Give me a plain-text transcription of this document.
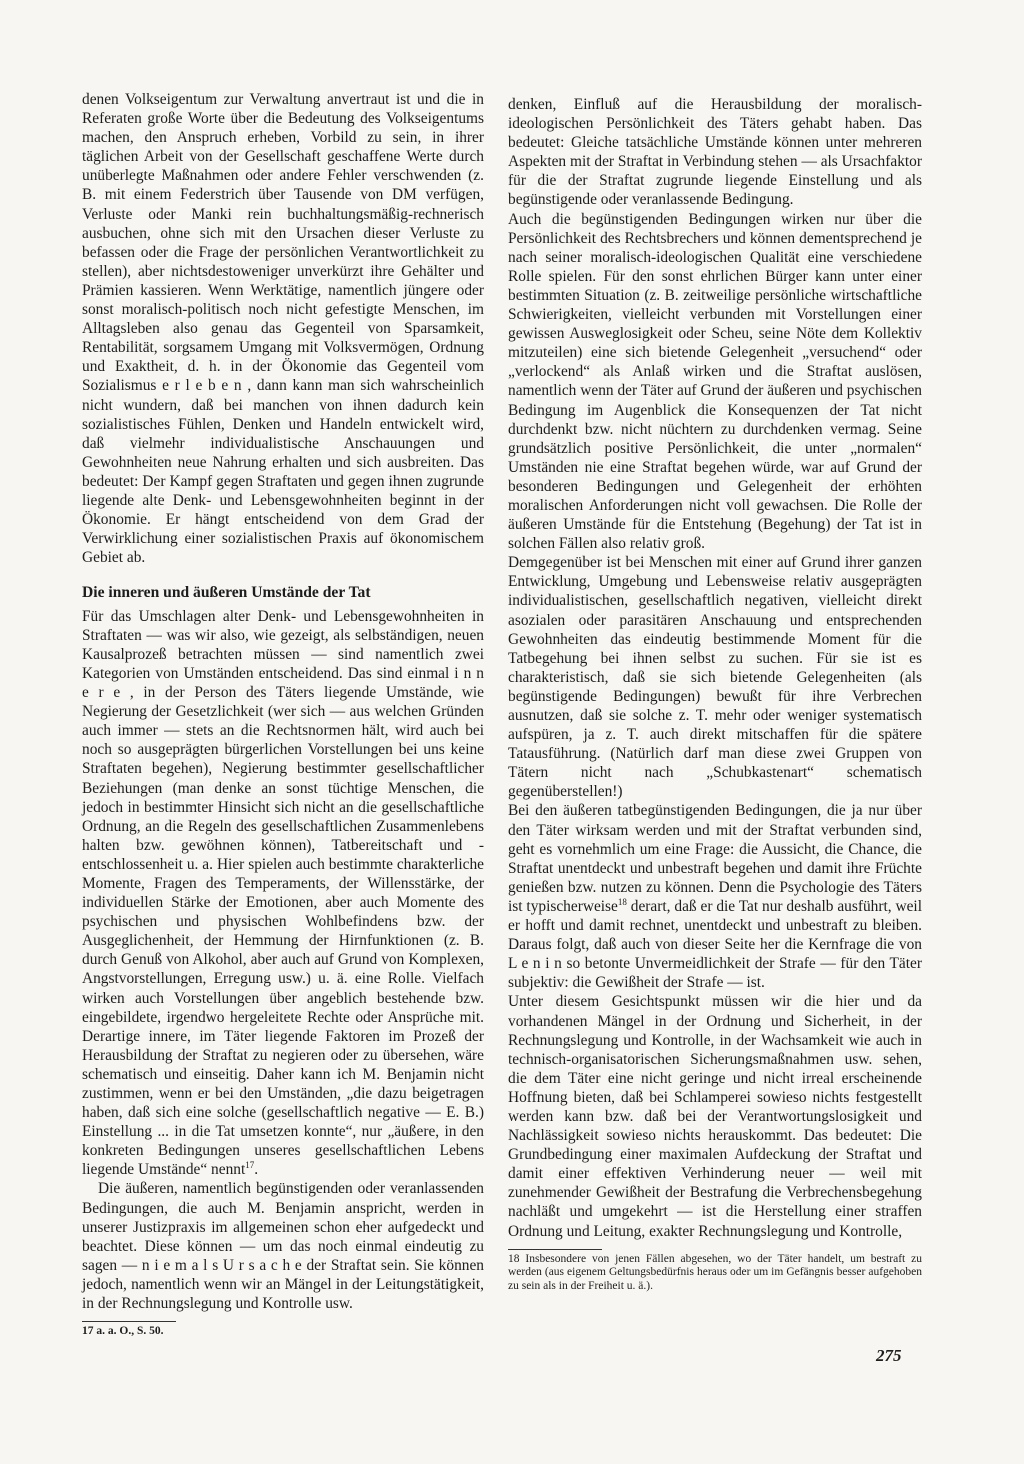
denen Volkseigentum zur Verwaltung anvertraut ist und die in Referaten große Worte über die Bedeutung des Volkseigentums machen, den Anspruch erheben, Vorbild zu sein, in ihrer täglichen Arbeit von der Gesellschaft geschaffene Werte durch unüberlegte Maßnahmen oder andere Fehler verschwenden (z. B. mit einem Federstrich über Tausende von DM verfügen, Verluste oder Manki rein buchhaltungsmäßig-rechnerisch ausbuchen, ohne sich mit den Ursachen dieser Verluste zu befassen oder die Frage der persönlichen Verantwortlichkeit zu stellen), aber nichtsdestoweniger unverkürzt ihre Gehälter und Prämien kassieren. Wenn Werktätige, namentlich jüngere oder sonst moralisch-politisch noch nicht gefestigte Menschen, im Alltagsleben also genau das Gegenteil von Sparsamkeit, Rentabilität, sorgsamem Umgang mit Volksvermögen, Ordnung und Exaktheit, d. h. in der Ökonomie das Gegenteil vom Sozialismus e r l e b e n , dann kann man sich wahrscheinlich nicht wundern, daß bei manchen von ihnen dadurch kein sozialistisches Fühlen, Denken und Handeln entwickelt wird, daß vielmehr individualistische Anschauungen und Gewohnheiten neue Nahrung erhalten und sich ausbreiten. Das bedeutet: Der Kampf gegen Straftaten und gegen ihnen zugrunde liegende alte Denk- und Lebensgewohnheiten beginnt in der Ökonomie. Er hängt entscheidend von dem Grad der Verwirklichung einer sozialistischen Praxis auf ökonomischem Gebiet ab.

Die inneren und äußeren Umstände der Tat

Für das Umschlagen alter Denk- und Lebensgewohnheiten in Straftaten — was wir also, wie gezeigt, als selbständigen, neuen Kausalprozeß betrachten müssen — sind namentlich zwei Kategorien von Umständen entscheidend. Das sind einmal i n n e r e , in der Person des Täters liegende Umstände, wie Negierung der Gesetzlichkeit (wer sich — aus welchen Gründen auch immer — stets an die Rechtsnormen hält, wird auch bei noch so ausgeprägten bürgerlichen Vorstellungen bei uns keine Straftaten begehen), Negierung bestimmter gesellschaftlicher Beziehungen (man denke an sonst tüchtige Menschen, die jedoch in bestimmter Hinsicht sich nicht an die gesellschaftliche Ordnung, an die Regeln des gesellschaftlichen Zusammenlebens halten bzw. gewöhnen können), Tatbereitschaft und -entschlossenheit u. a. Hier spielen auch bestimmte charakterliche Momente, Fragen des Temperaments, der Willensstärke, der individuellen Stärke der Emotionen, aber auch Momente des psychischen und physischen Wohlbefindens bzw. der Ausgeglichenheit, der Hemmung der Hirnfunktionen (z. B. durch Genuß von Alkohol, aber auch auf Grund von Komplexen, Angstvorstellungen, Erregung usw.) u. ä. eine Rolle. Vielfach wirken auch Vorstellungen über angeblich bestehende bzw. eingebildete, irgendwo hergeleitete Rechte oder Ansprüche mit. Derartige innere, im Täter liegende Faktoren im Prozeß der Herausbildung der Straftat zu negieren oder zu übersehen, wäre schematisch und einseitig. Daher kann ich M. Benjamin nicht zustimmen, wenn er bei den Umständen, „die dazu beigetragen haben, daß sich eine solche (gesellschaftlich negative — E. B.) Einstellung ... in die Tat umsetzen konnte“, nur „äußere, in den konkreten Bedingungen unseres gesellschaftlichen Lebens liegende Umstände“ nennt$^{17}$.

Die äußeren, namentlich begünstigenden oder veranlassenden Bedingungen, die auch M. Benjamin anspricht, werden in unserer Justizpraxis im allgemeinen schon eher aufgedeckt und beachtet. Diese können — um das noch einmal eindeutig zu sagen — n i e m a l s U r s a c h e der Straftat sein. Sie können jedoch, namentlich wenn wir an Mängel in der Leitungstätigkeit, in der Rechnungslegung und Kontrolle usw.

17 a. a. O., S. 50.

denken, Einfluß auf die Herausbildung der moralisch-ideologischen Persönlichkeit des Täters gehabt haben. Das bedeutet: Gleiche tatsächliche Umstände können unter mehreren Aspekten mit der Straftat in Verbindung stehen — als Ursachfaktor für die der Straftat zugrunde liegende Einstellung und als begünstigende oder veranlassende Bedingung.

Auch die begünstigenden Bedingungen wirken nur über die Persönlichkeit des Rechtsbrechers und können dementsprechend je nach seiner moralisch-ideologischen Qualität eine verschiedene Rolle spielen. Für den sonst ehrlichen Bürger kann unter einer bestimmten Situation (z. B. zeitweilige persönliche wirtschaftliche Schwierigkeiten, vielleicht verbunden mit Vorstellungen einer gewissen Ausweglosigkeit oder Scheu, seine Nöte dem Kollektiv mitzuteilen) eine sich bietende Gelegenheit „versuchend“ oder „verlockend“ als Anlaß wirken und die Straftat auslösen, namentlich wenn der Täter auf Grund der äußeren und psychischen Bedingung im Augenblick die Konsequenzen der Tat nicht durchdenkt bzw. nicht nüchtern zu durchdenken vermag. Seine grundsätzlich positive Persönlichkeit, die unter „normalen“ Umständen nie eine Straftat begehen würde, war auf Grund der besonderen Bedingungen und Gelegenheit der erhöhten moralischen Anforderungen nicht voll gewachsen. Die Rolle der äußeren Umstände für die Entstehung (Begehung) der Tat ist in solchen Fällen also relativ groß.

Demgegenüber ist bei Menschen mit einer auf Grund ihrer ganzen Entwicklung, Umgebung und Lebensweise relativ ausgeprägten individualistischen, gesellschaftlich negativen, vielleicht direkt asozialen oder parasitären Anschauung und entsprechenden Gewohnheiten das eindeutig bestimmende Moment für die Tatbegehung bei ihnen selbst zu suchen. Für sie ist es charakteristisch, daß sie sich bietende Gelegenheiten (als begünstigende Bedingungen) bewußt für ihre Verbrechen ausnutzen, daß sie solche z. T. mehr oder weniger systematisch aufspüren, ja z. T. auch direkt mitschaffen für die spätere Tatausführung. (Natürlich darf man diese zwei Gruppen von Tätern nicht nach „Schubkastenart“ schematisch gegenüberstellen!)

Bei den äußeren tatbegünstigenden Bedingungen, die ja nur über den Täter wirksam werden und mit der Straftat verbunden sind, geht es vornehmlich um eine Frage: die Aussicht, die Chance, die Straftat unentdeckt und unbestraft begehen und damit ihre Früchte genießen bzw. nutzen zu können. Denn die Psychologie des Täters ist typischerweise$^{18}$ derart, daß er die Tat nur deshalb ausführt, weil er hofft und damit rechnet, unentdeckt und unbestraft zu bleiben. Daraus folgt, daß auch von dieser Seite her die Kernfrage die von L e n i n so betonte Unvermeidlichkeit der Strafe — für den Täter subjektiv: die Gewißheit der Strafe — ist.

Unter diesem Gesichtspunkt müssen wir die hier und da vorhandenen Mängel in der Ordnung und Sicherheit, in der Rechnungslegung und Kontrolle, in der Wachsamkeit wie auch in technisch-organisatorischen Sicherungsmaßnahmen usw. sehen, die dem Täter eine nicht geringe und nicht irreal erscheinende Hoffnung bieten, daß bei Schlamperei sowieso nichts festgestellt werden kann bzw. daß bei der Verantwortungslosigkeit und Nachlässigkeit sowieso nichts herauskommt. Das bedeutet: Die Grundbedingung einer maximalen Aufdeckung der Straftat und damit einer effektiven Verhinderung neuer — weil mit zunehmender Gewißheit der Bestrafung die Verbrechensbegehung nachläßt und umgekehrt — ist die Herstellung einer straffen Ordnung und Leitung, exakter Rechnungslegung und Kontrolle,

18 Insbesondere von jenen Fällen abgesehen, wo der Täter handelt, um bestraft zu werden (aus eigenem Geltungsbedürfnis heraus oder um im Gefängnis besser aufgehoben zu sein als in der Freiheit u. ä.).
275
